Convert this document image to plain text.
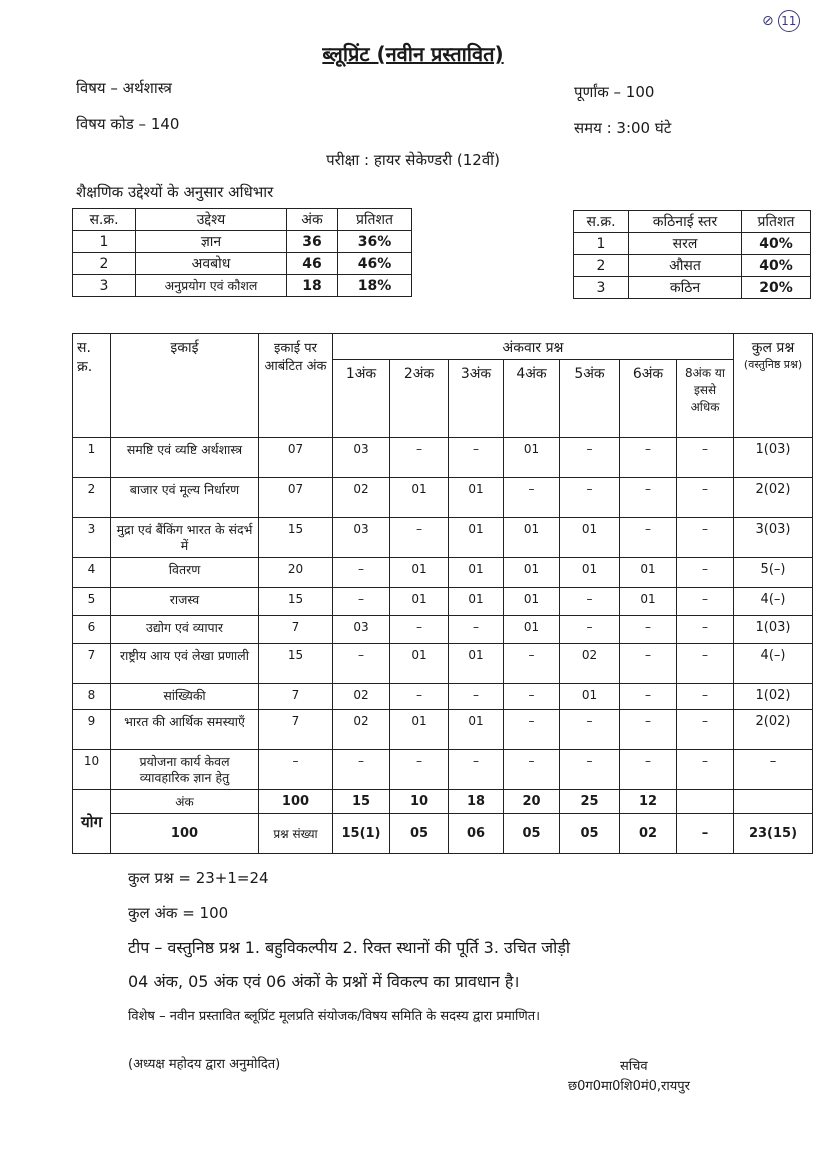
⊘ 11
ब्लूप्रिंट (नवीन प्रस्तावित)
विषय – अर्थशास्त्र
विषय कोड – 140
पूर्णांक – 100
समय : 3:00 घंटे
परीक्षा : हायर सेकेण्डरी (12वीं)
शैक्षणिक उद्देश्यों के अनुसार अधिभार
स.क्र.	उद्देश्य	अंक	प्रतिशत
1	ज्ञान	36	36%
2	अवबोध	46	46%
3	अनुप्रयोग एवं कौशल	18	18%
स.क्र.	कठिनाई स्तर	प्रतिशत
1	सरल	40%
2	औसत	40%
3	कठिन	20%
स. क्र.	इकाई	इकाई पर आबंटित अंक	अंकवार प्रश्न							कुल प्रश्न
(वस्तुनिष्ठ प्रश्न)

			1अंक	2अंक	3अंक	4अंक	5अंक	6अंक	8अंक या इससे अधिक	
1	समष्टि एवं व्यष्टि अर्थशास्त्र	07	03	–	–	01	–	–	–	1(03)
2	बाजार एवं मूल्य निर्धारण	07	02	01	01	–	–	–	–	2(02)
3	मुद्रा एवं बैंकिंग भारत के संदर्भ में	15	03	–	01	01	01	–	–	3(03)
4	वितरण	20	–	01	01	01	01	01	–	5(–)
5	राजस्व	15	–	01	01	01	–	01	–	4(–)
6	उद्योग एवं व्यापार	7	03	–	–	01	–	–	–	1(03)
7	राष्ट्रीय आय एवं लेखा प्रणाली	15	–	01	01	–	02	–	–	4(–)
8	सांख्यिकी	7	02	–	–	–	01	–	–	1(02)
9	भारत की आर्थिक समस्याएँ	7	02	01	01	–	–	–	–	2(02)
10	प्रयोजना कार्य केवल व्यावहारिक ज्ञान हेतु	–	–	–	–	–	–	–	–	–
योग	अंक	100	15	10	18	20	25	12		
	100	प्रश्न संख्या	15(1)	05	06	05	05	02	–	23(15)
कुल प्रश्न = 23+1=24
कुल अंक = 100
टीप – वस्तुनिष्ठ प्रश्न 1. बहुविकल्पीय 2. रिक्त स्थानों की पूर्ति 3. उचित जोड़ी
04 अंक, 05 अंक एवं 06 अंकों के प्रश्नों में विकल्प का प्रावधान है।
विशेष – नवीन प्रस्तावित ब्लूप्रिंट मूलप्रति संयोजक/विषय समिति के सदस्य द्वारा प्रमाणित।
(अध्यक्ष महोदय द्वारा अनुमोदित)	सचिव
छ0ग0मा0शि0मं0,रायपुर
